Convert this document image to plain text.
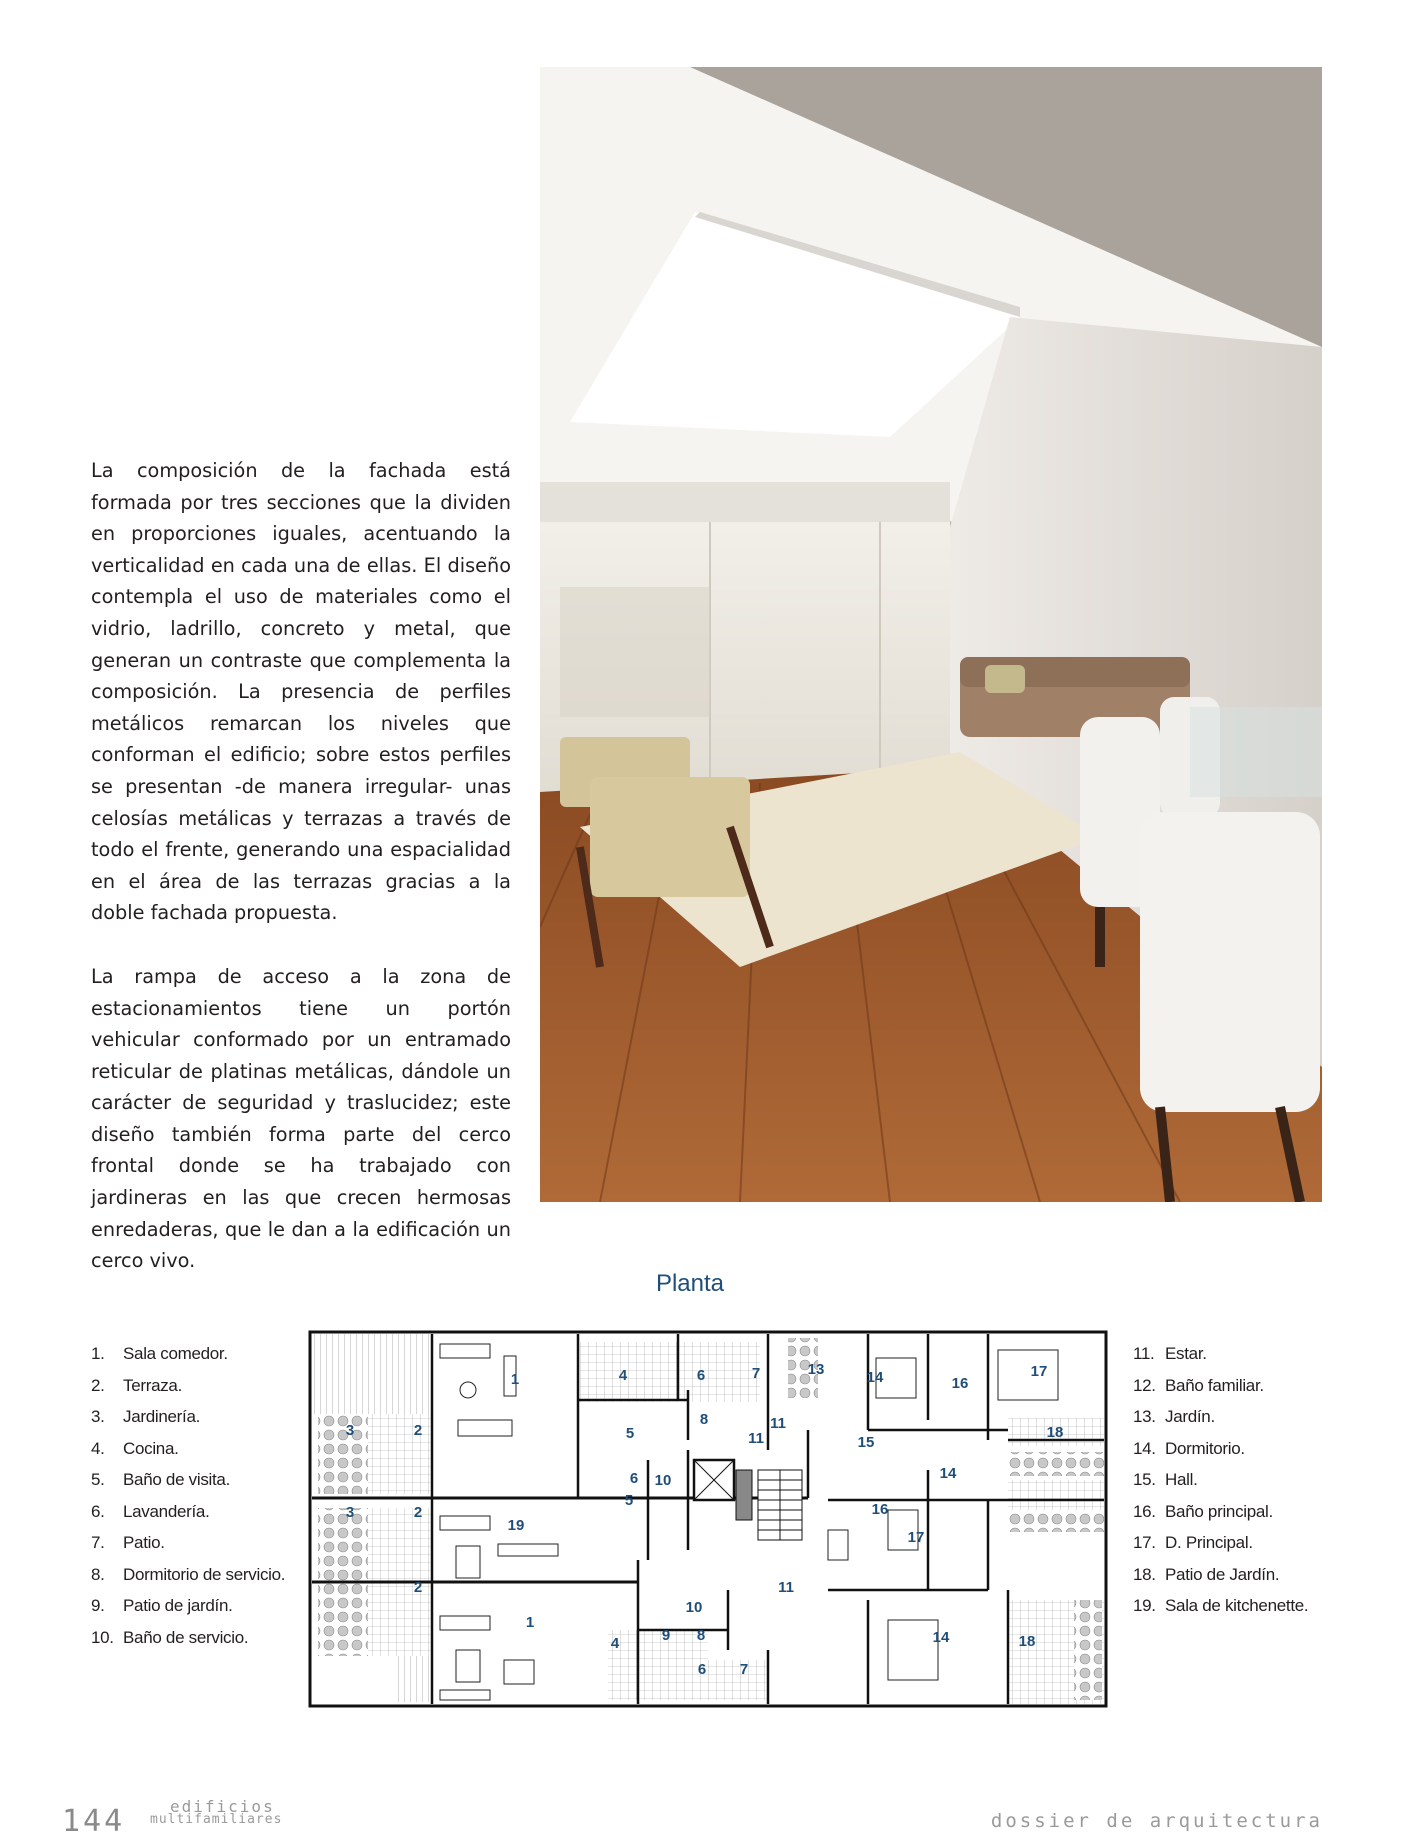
La composición de la fachada está formada por tres secciones que la dividen en proporciones iguales, acentuando la verticalidad en cada una de ellas. El diseño contempla el uso de materiales como el vidrio, ladrillo, concreto y metal, que generan un contraste que complementa la composición. La presencia de perfiles metálicos remarcan los niveles que conforman el edificio; sobre estos perfiles se presentan -de manera irregular- unas celosías metálicas y terrazas a través de todo el frente, generando una espacialidad en el área de las terrazas gracias a la doble fachada propuesta.

La rampa de acceso a la zona de estacionamientos tiene un portón vehicular conformado por un entramado reticular de platinas metálicas, dándole un carácter de seguridad y traslucidez; este diseño también forma parte del cerco frontal donde se ha trabajado con jardineras en las que crecen hermosas enredaderas, que le dan a la edificación un cerco vivo.

Planta
1. Sala comedor.
2. Terraza.
3. Jardinería.
4. Cocina.
5. Baño de visita.
6. Lavandería.
7. Patio.
8. Dormitorio de servicio.
9. Patio de jardín.
10. Baño de servicio.
11. Estar.
12. Baño familiar.
13. Jardín.
14. Dormitorio.
15. Hall.
16. Baño principal.
17. D. Principal.
18. Patio de Jardín.
19. Sala de kitchenette.
1
1
2
2
2
3
3
4
4
5
5
6
6
6
7
7
8
8
9
10
10
11
11
11
13	14
14
14
15
16
16
17
17
18
18
19
144	edificios
multifamiliares	dossier de arquitectura
